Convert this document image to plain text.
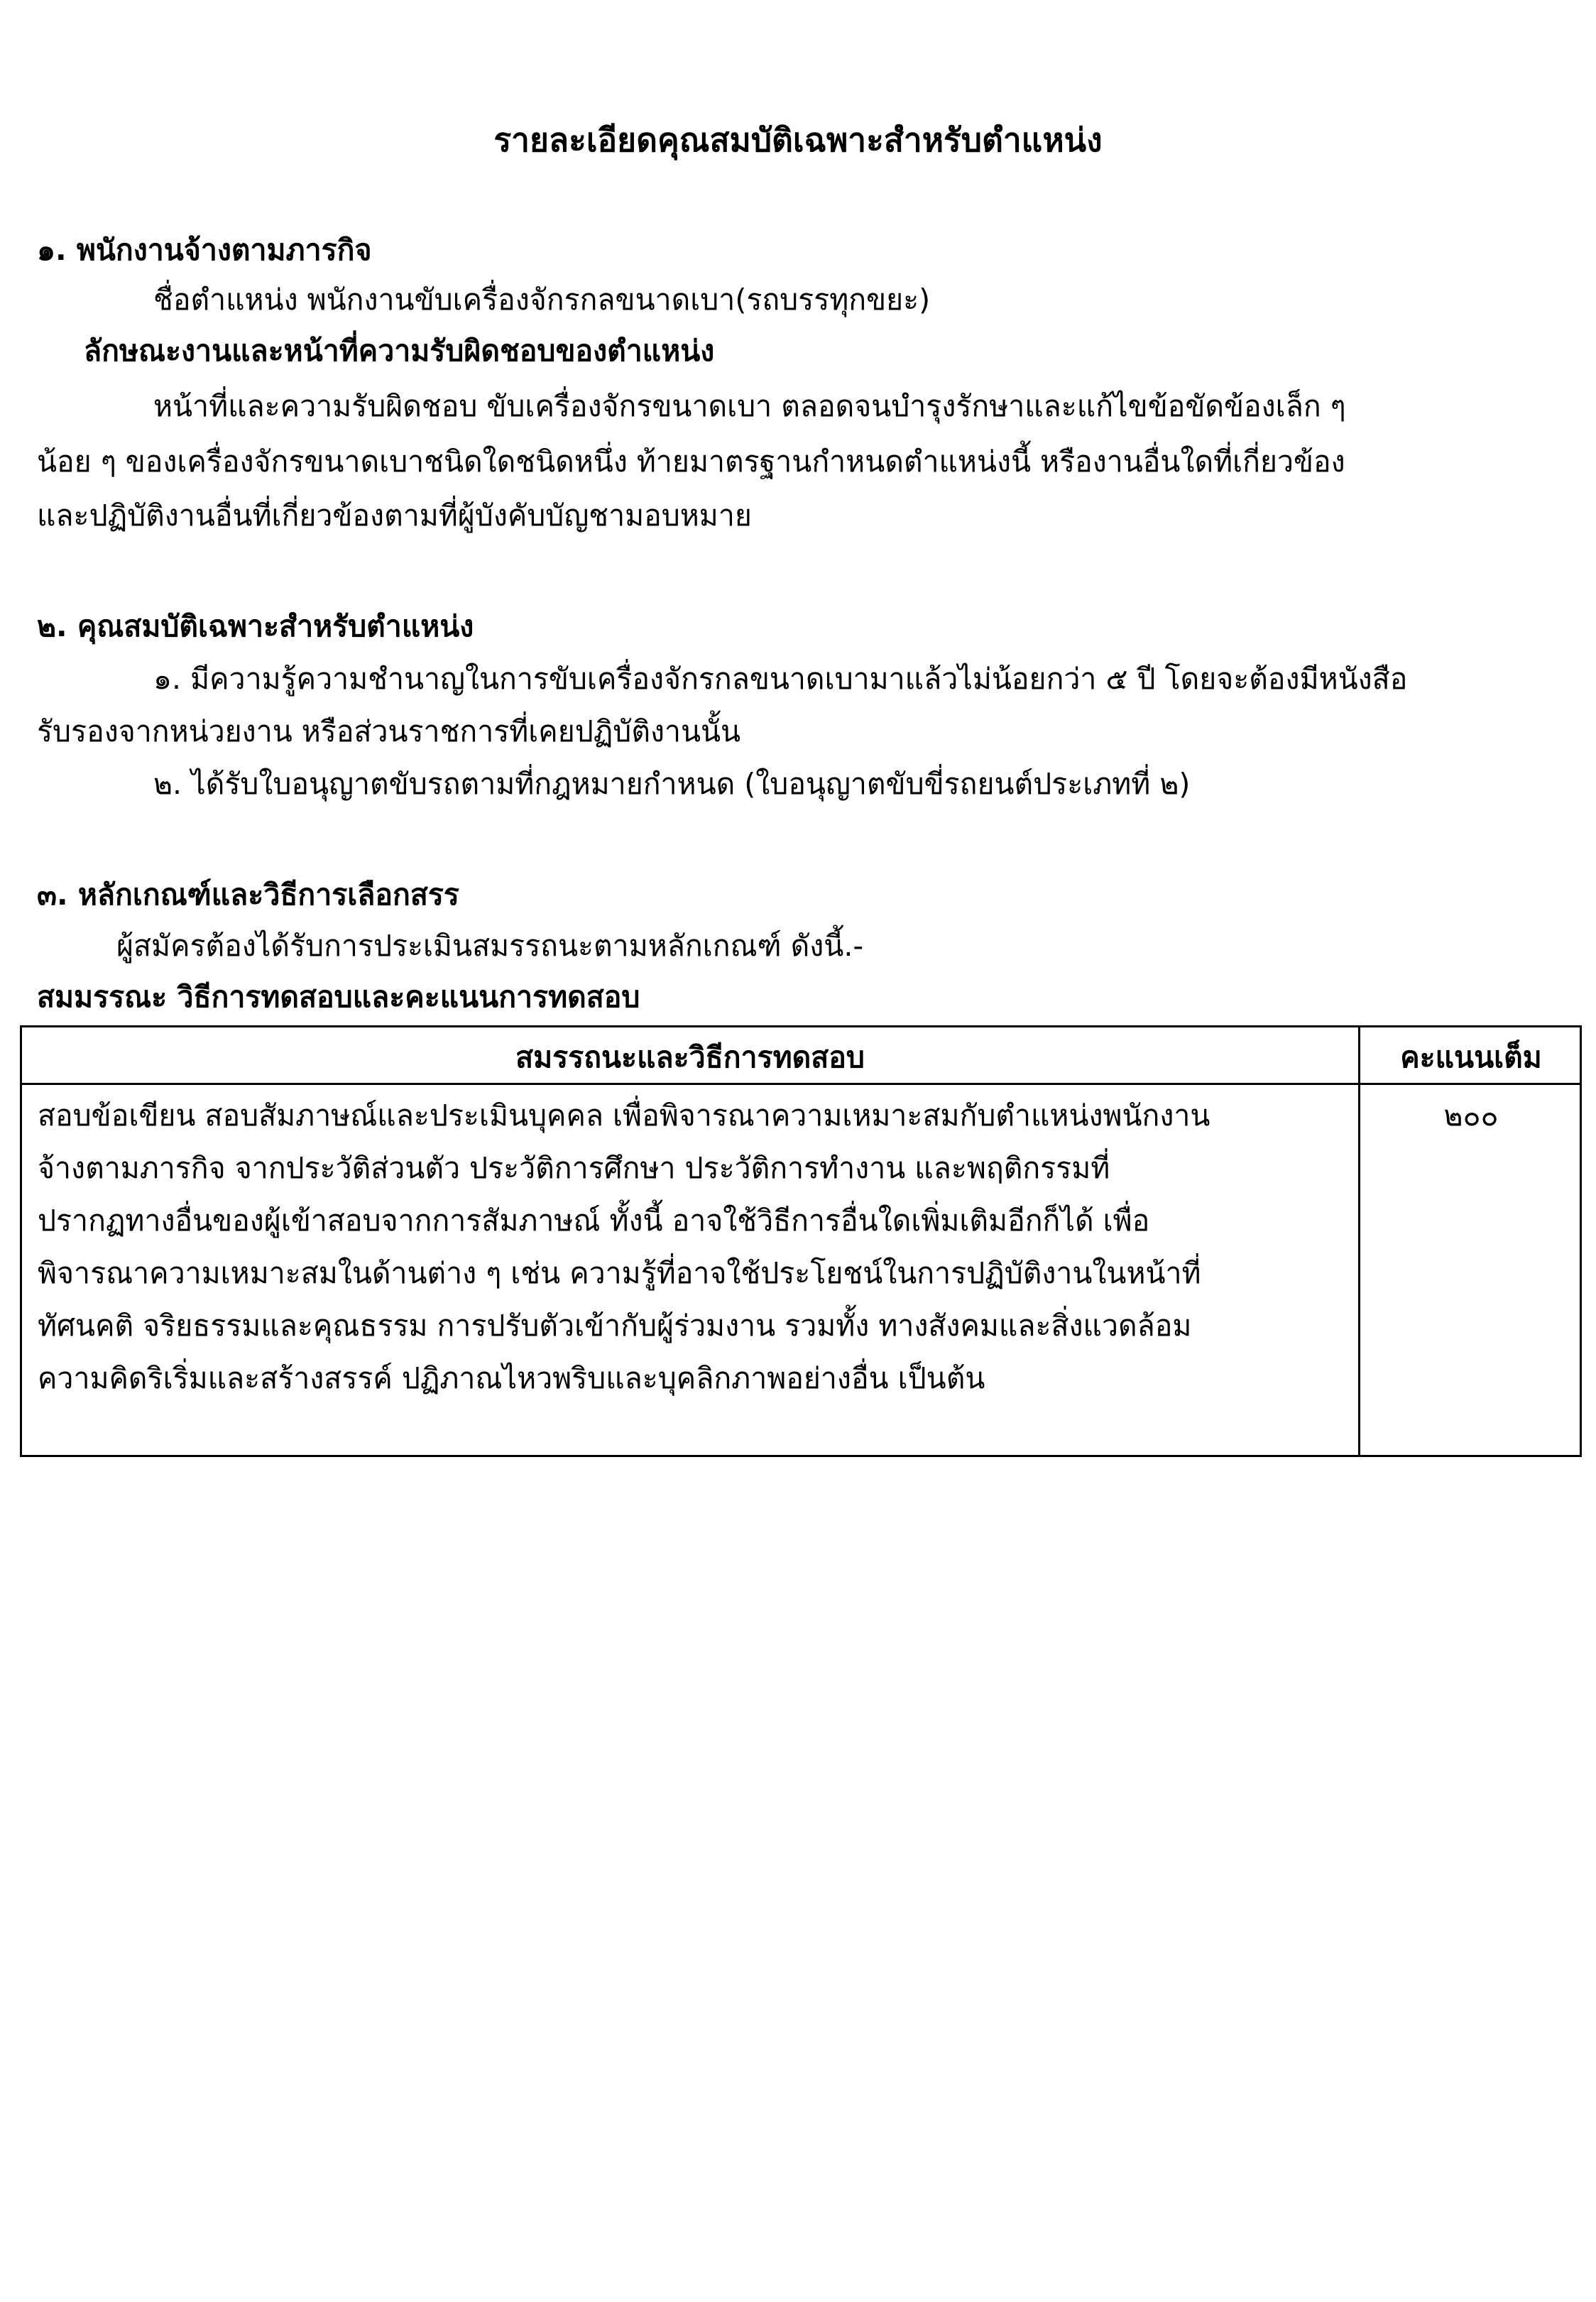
รายละเอียดคุณสมบัติเฉพาะสำหรับตำแหน่ง
๑. พนักงานจ้างตามภารกิจ
ชื่อตำแหน่ง พนักงานขับเครื่องจักรกลขนาดเบา(รถบรรทุกขยะ)
ลักษณะงานและหน้าที่ความรับผิดชอบของตำแหน่ง
หน้าที่และความรับผิดชอบ ขับเครื่องจักรขนาดเบา ตลอดจนบำรุงรักษาและแก้ไขข้อขัดข้องเล็ก ๆ
น้อย ๆ ของเครื่องจักรขนาดเบาชนิดใดชนิดหนึ่ง ท้ายมาตรฐานกำหนดตำแหน่งนี้ หรืองานอื่นใดที่เกี่ยวข้อง
และปฏิบัติงานอื่นที่เกี่ยวข้องตามที่ผู้บังคับบัญชามอบหมาย
๒. คุณสมบัติเฉพาะสำหรับตำแหน่ง
๑. มีความรู้ความชำนาญในการขับเครื่องจักรกลขนาดเบามาแล้วไม่น้อยกว่า ๕ ปี โดยจะต้องมีหนังสือ
รับรองจากหน่วยงาน หรือส่วนราชการที่เคยปฏิบัติงานนั้น
๒. ได้รับใบอนุญาตขับรถตามที่กฎหมายกำหนด (ใบอนุญาตขับขี่รถยนต์ประเภทที่ ๒)
๓. หลักเกณฑ์และวิธีการเลือกสรร
ผู้สมัครต้องได้รับการประเมินสมรรถนะตามหลักเกณฑ์ ดังนี้.-
สมมรรณะ วิธีการทดสอบและคะแนนการทดสอบ
สมรรถนะและวิธีการทดสอบ	คะแนนเต็ม
สอบข้อเขียน สอบสัมภาษณ์และประเมินบุคคล เพื่อพิจารณาความเหมาะสมกับตำแหน่งพนักงาน
จ้างตามภารกิจ จากประวัติส่วนตัว ประวัติการศึกษา ประวัติการทำงาน และพฤติกรรมที่
ปรากฏทางอื่นของผู้เข้าสอบจากการสัมภาษณ์ ทั้งนี้ อาจใช้วิธีการอื่นใดเพิ่มเติมอีกก็ได้ เพื่อ
พิจารณาความเหมาะสมในด้านต่าง ๆ เช่น ความรู้ที่อาจใช้ประโยชน์ในการปฏิบัติงานในหน้าที่
ทัศนคติ จริยธรรมและคุณธรรม การปรับตัวเข้ากับผู้ร่วมงาน รวมทั้ง ทางสังคมและสิ่งแวดล้อม
ความคิดริเริ่มและสร้างสรรค์ ปฏิภาณไหวพริบและบุคลิกภาพอย่างอื่น เป็นต้น
๒๐๐
